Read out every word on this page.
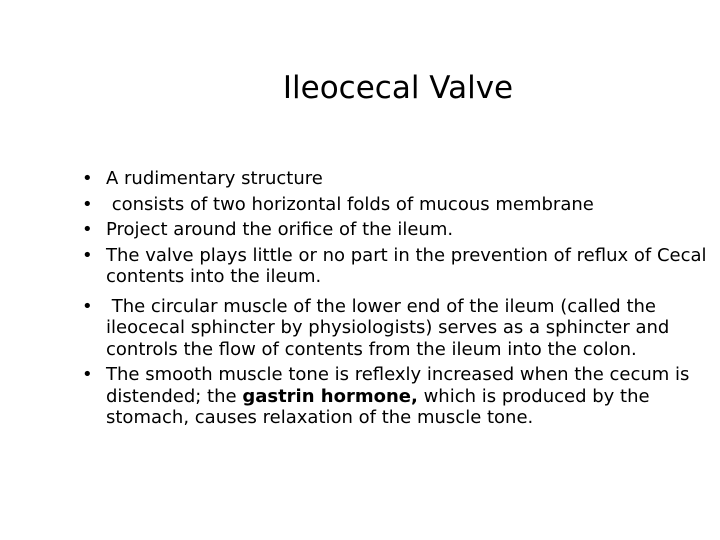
Ileocecal Valve
• A rudimentary structure
• consists of two horizontal folds of mucous membrane
• Project around the orifice of the ileum.
• The valve plays little or no part in the prevention of reflux of Cecal contents into the ileum.
• The circular muscle of the lower end of the ileum (called the ileocecal sphincter by physiologists) serves as a sphincter and controls the flow of contents from the ileum into the colon.
• The smooth muscle tone is reflexly increased when the cecum is distended; the gastrin hormone, which is produced by the stomach, causes relaxation of the muscle tone.
